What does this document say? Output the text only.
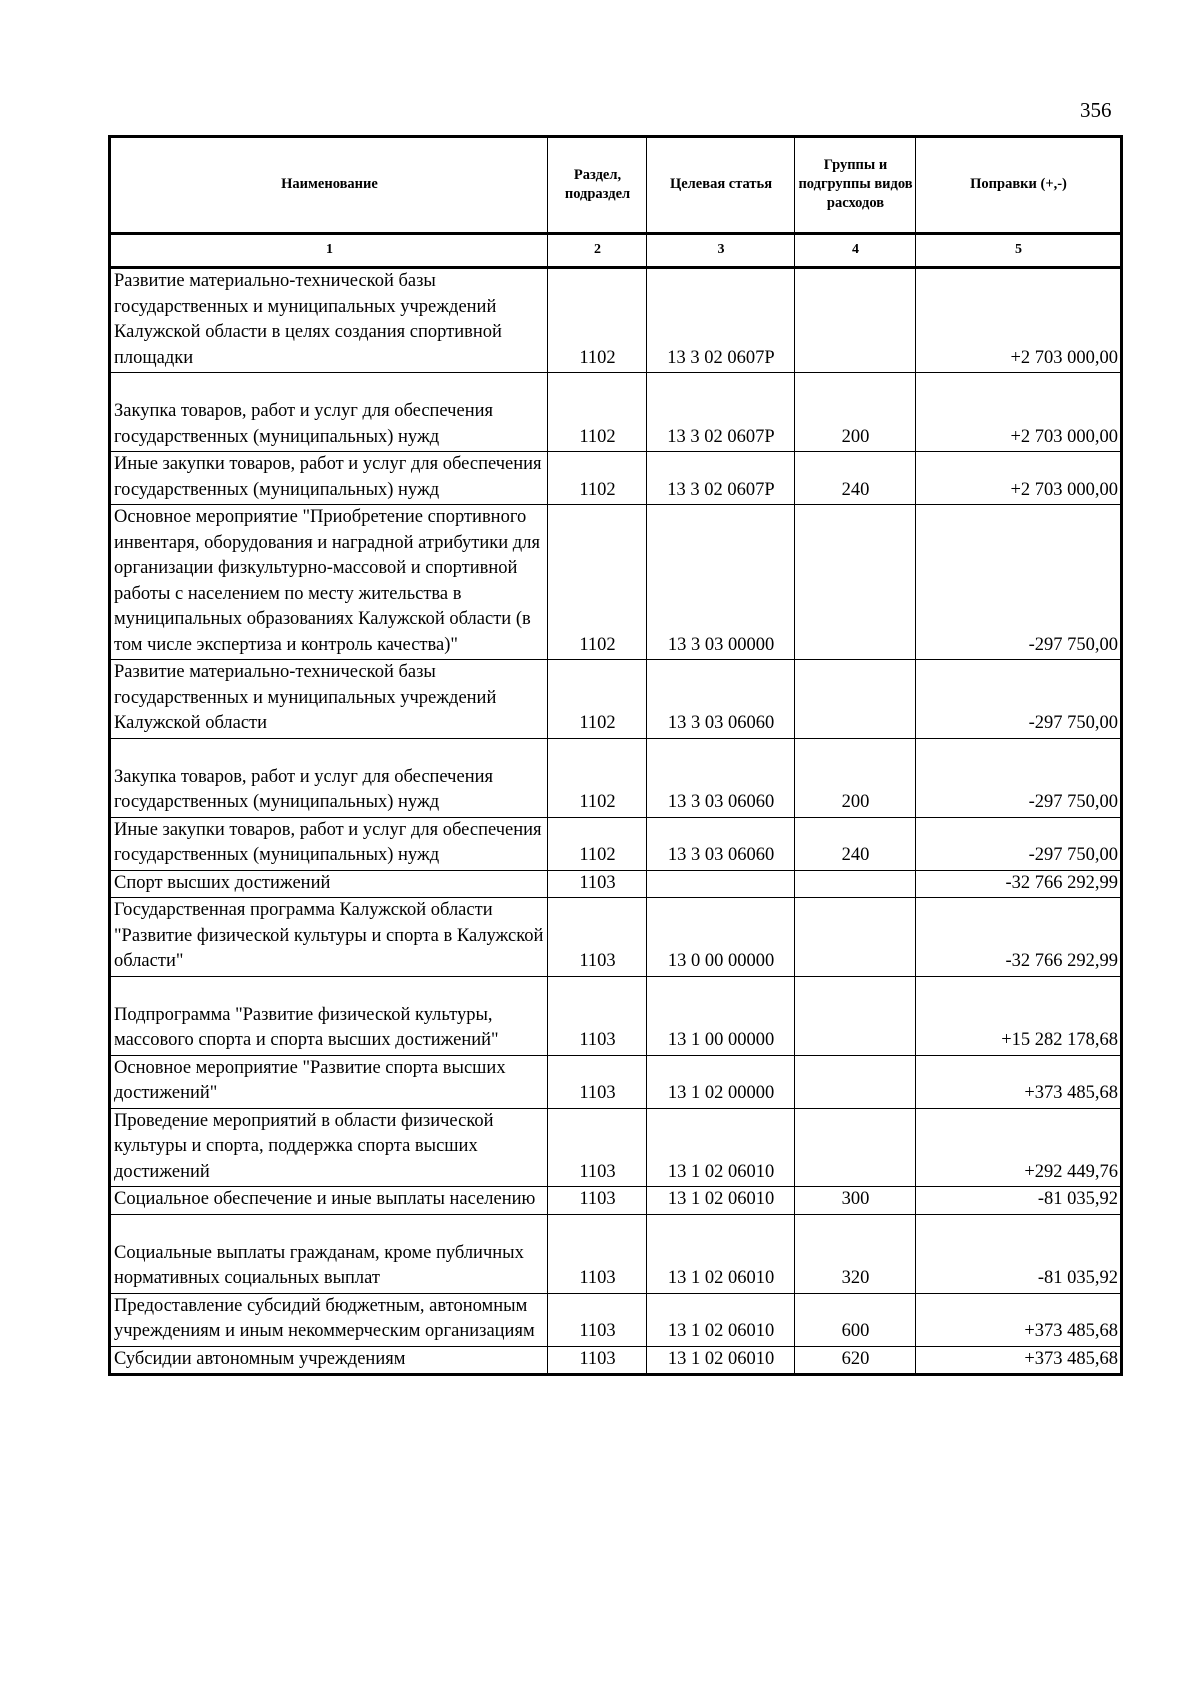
356
Наименование	Раздел, подраздел	Целевая статья	Группы и подгруппы видов расходов	Поправки (+,-)
1	2	3	4	5
Развитие материально-технической базы государственных и муниципальных учреждений Калужской области в целях создания спортивной площадки	1102	13 3 02 0607P		+2 703 000,00

Закупка товаров, работ и услуг для обеспечения государственных (муниципальных) нужд	1102	13 3 02 0607P	200	+2 703 000,00
Иные закупки товаров, работ и услуг для обеспечения государственных (муниципальных) нужд	1102	13 3 02 0607P	240	+2 703 000,00
Основное мероприятие "Приобретение спортивного инвентаря, оборудования и наградной атрибутики для организации физкультурно-массовой и спортивной работы с населением по месту жительства в муниципальных образованиях Калужской области (в том числе экспертиза и контроль качества)"	1102	13 3 03 00000		-297 750,00
Развитие материально-технической базы государственных и муниципальных учреждений Калужской области	1102	13 3 03 06060		-297 750,00

Закупка товаров, работ и услуг для обеспечения государственных (муниципальных) нужд	1102	13 3 03 06060	200	-297 750,00
Иные закупки товаров, работ и услуг для обеспечения государственных (муниципальных) нужд	1102	13 3 03 06060	240	-297 750,00
Спорт высших достижений	1103			-32 766 292,99
Государственная программа Калужской области "Развитие физической культуры и спорта в Калужской области"	1103	13 0 00 00000		-32 766 292,99

Подпрограмма "Развитие физической культуры, массового спорта и спорта высших достижений"	1103	13 1 00 00000		+15 282 178,68
Основное мероприятие "Развитие спорта высших достижений"	1103	13 1 02 00000		+373 485,68
Проведение мероприятий в области физической культуры и спорта, поддержка спорта высших достижений	1103	13 1 02 06010		+292 449,76
Социальное обеспечение и иные выплаты населению	1103	13 1 02 06010	300	-81 035,92

Социальные выплаты гражданам, кроме публичных нормативных социальных выплат	1103	13 1 02 06010	320	-81 035,92
Предоставление субсидий бюджетным, автономным учреждениям и иным некоммерческим организациям	1103	13 1 02 06010	600	+373 485,68
Субсидии автономным учреждениям	1103	13 1 02 06010	620	+373 485,68
